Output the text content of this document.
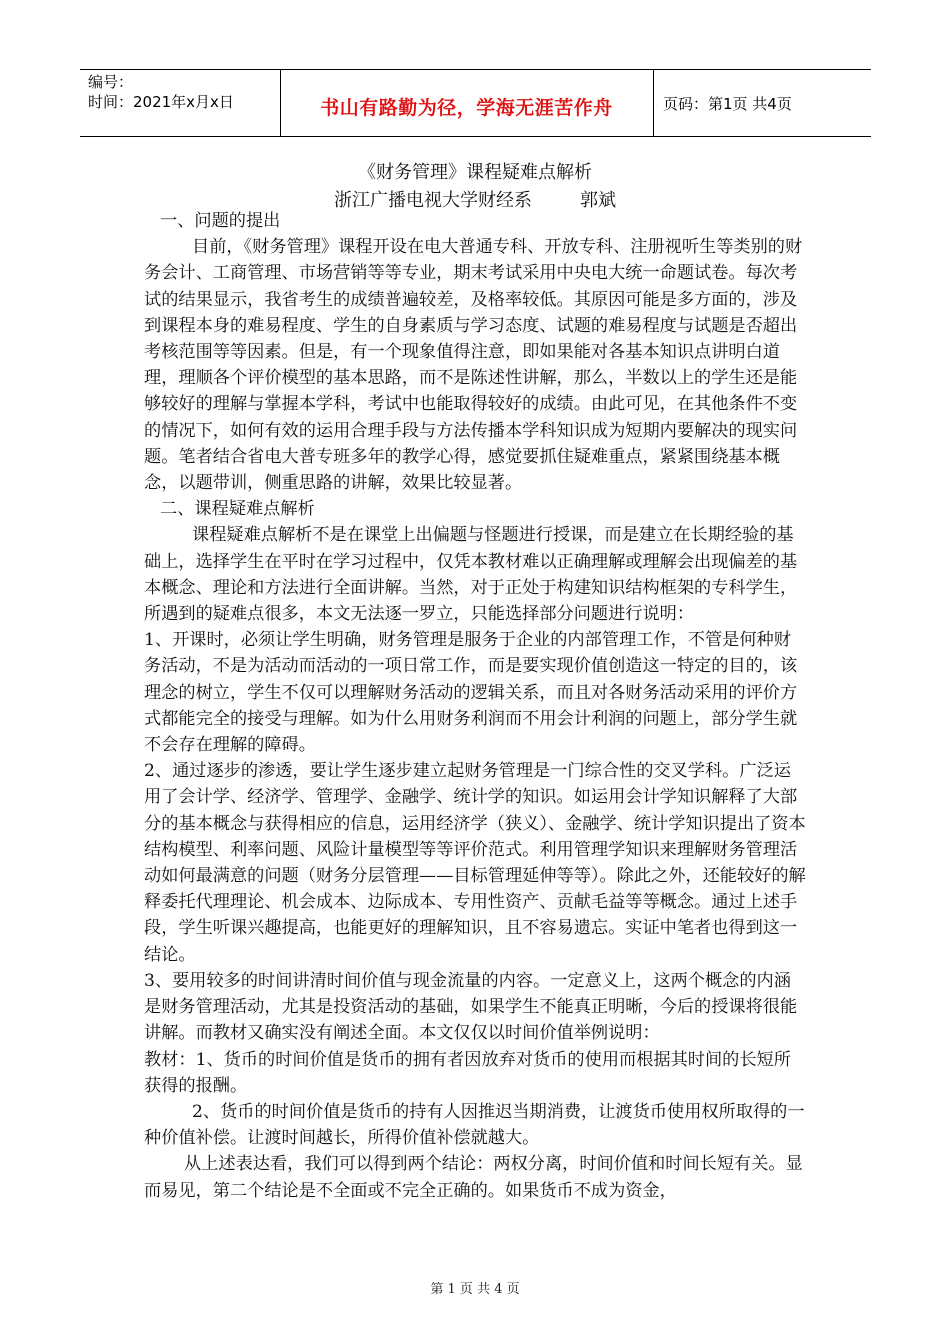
编号：
时间：2021年x月x日	书山有路勤为径，学海无涯苦作舟	页码：第1页 共4页
《财务管理》课程疑难点解析
浙江广播电视大学财经系	郭斌

一、问题的提出

目前，《财务管理》课程开设在电大普通专科、开放专科、注册视听生等类别的财务会计、工商管理、市场营销等等专业，期末考试采用中央电大统一命题试卷。每次考试的结果显示，我省考生的成绩普遍较差，及格率较低。其原因可能是多方面的，涉及到课程本身的难易程度、学生的自身素质与学习态度、试题的难易程度与试题是否超出考核范围等等因素。但是，有一个现象值得注意，即如果能对各基本知识点讲明白道理，理顺各个评价模型的基本思路，而不是陈述性讲解，那么，半数以上的学生还是能够较好的理解与掌握本学科，考试中也能取得较好的成绩。由此可见，在其他条件不变的情况下，如何有效的运用合理手段与方法传播本学科知识成为短期内要解决的现实问题。笔者结合省电大普专班多年的教学心得，感觉要抓住疑难重点，紧紧围绕基本概念，以题带训，侧重思路的讲解，效果比较显著。

二、课程疑难点解析

课程疑难点解析不是在课堂上出偏题与怪题进行授课，而是建立在长期经验的基础上，选择学生在平时在学习过程中，仅凭本教材难以正确理解或理解会出现偏差的基本概念、理论和方法进行全面讲解。当然，对于正处于构建知识结构框架的专科学生，所遇到的疑难点很多，本文无法逐一罗立，只能选择部分问题进行说明：

1、开课时，必须让学生明确，财务管理是服务于企业的内部管理工作，不管是何种财务活动，不是为活动而活动的一项日常工作，而是要实现价值创造这一特定的目的，该理念的树立，学生不仅可以理解财务活动的逻辑关系，而且对各财务活动采用的评价方式都能完全的接受与理解。如为什么用财务利润而不用会计利润的问题上，部分学生就不会存在理解的障碍。

2、通过逐步的渗透，要让学生逐步建立起财务管理是一门综合性的交叉学科。广泛运用了会计学、经济学、管理学、金融学、统计学的知识。如运用会计学知识解释了大部分的基本概念与获得相应的信息，运用经济学（狭义）、金融学、统计学知识提出了资本结构模型、利率问题、风险计量模型等等评价范式。利用管理学知识来理解财务管理活动如何最满意的问题（财务分层管理——目标管理延伸等等）。除此之外，还能较好的解释委托代理理论、机会成本、边际成本、专用性资产、贡献毛益等等概念。通过上述手段，学生听课兴趣提高，也能更好的理解知识，且不容易遗忘。实证中笔者也得到这一结论。

3、要用较多的时间讲清时间价值与现金流量的内容。一定意义上，这两个概念的内涵是财务管理活动，尤其是投资活动的基础，如果学生不能真正明晰，今后的授课将很能讲解。而教材又确实没有阐述全面。本文仅仅以时间价值举例说明：

教材：1、货币的时间价值是货币的拥有者因放弃对货币的使用而根据其时间的长短所获得的报酬。

2、货币的时间价值是货币的持有人因推迟当期消费，让渡货币使用权所取得的一种价值补偿。让渡时间越长，所得价值补偿就越大。

从上述表达看，我们可以得到两个结论：两权分离，时间价值和时间长短有关。显而易见，第二个结论是不全面或不完全正确的。如果货币不成为资金，

第 1 页 共 4 页
